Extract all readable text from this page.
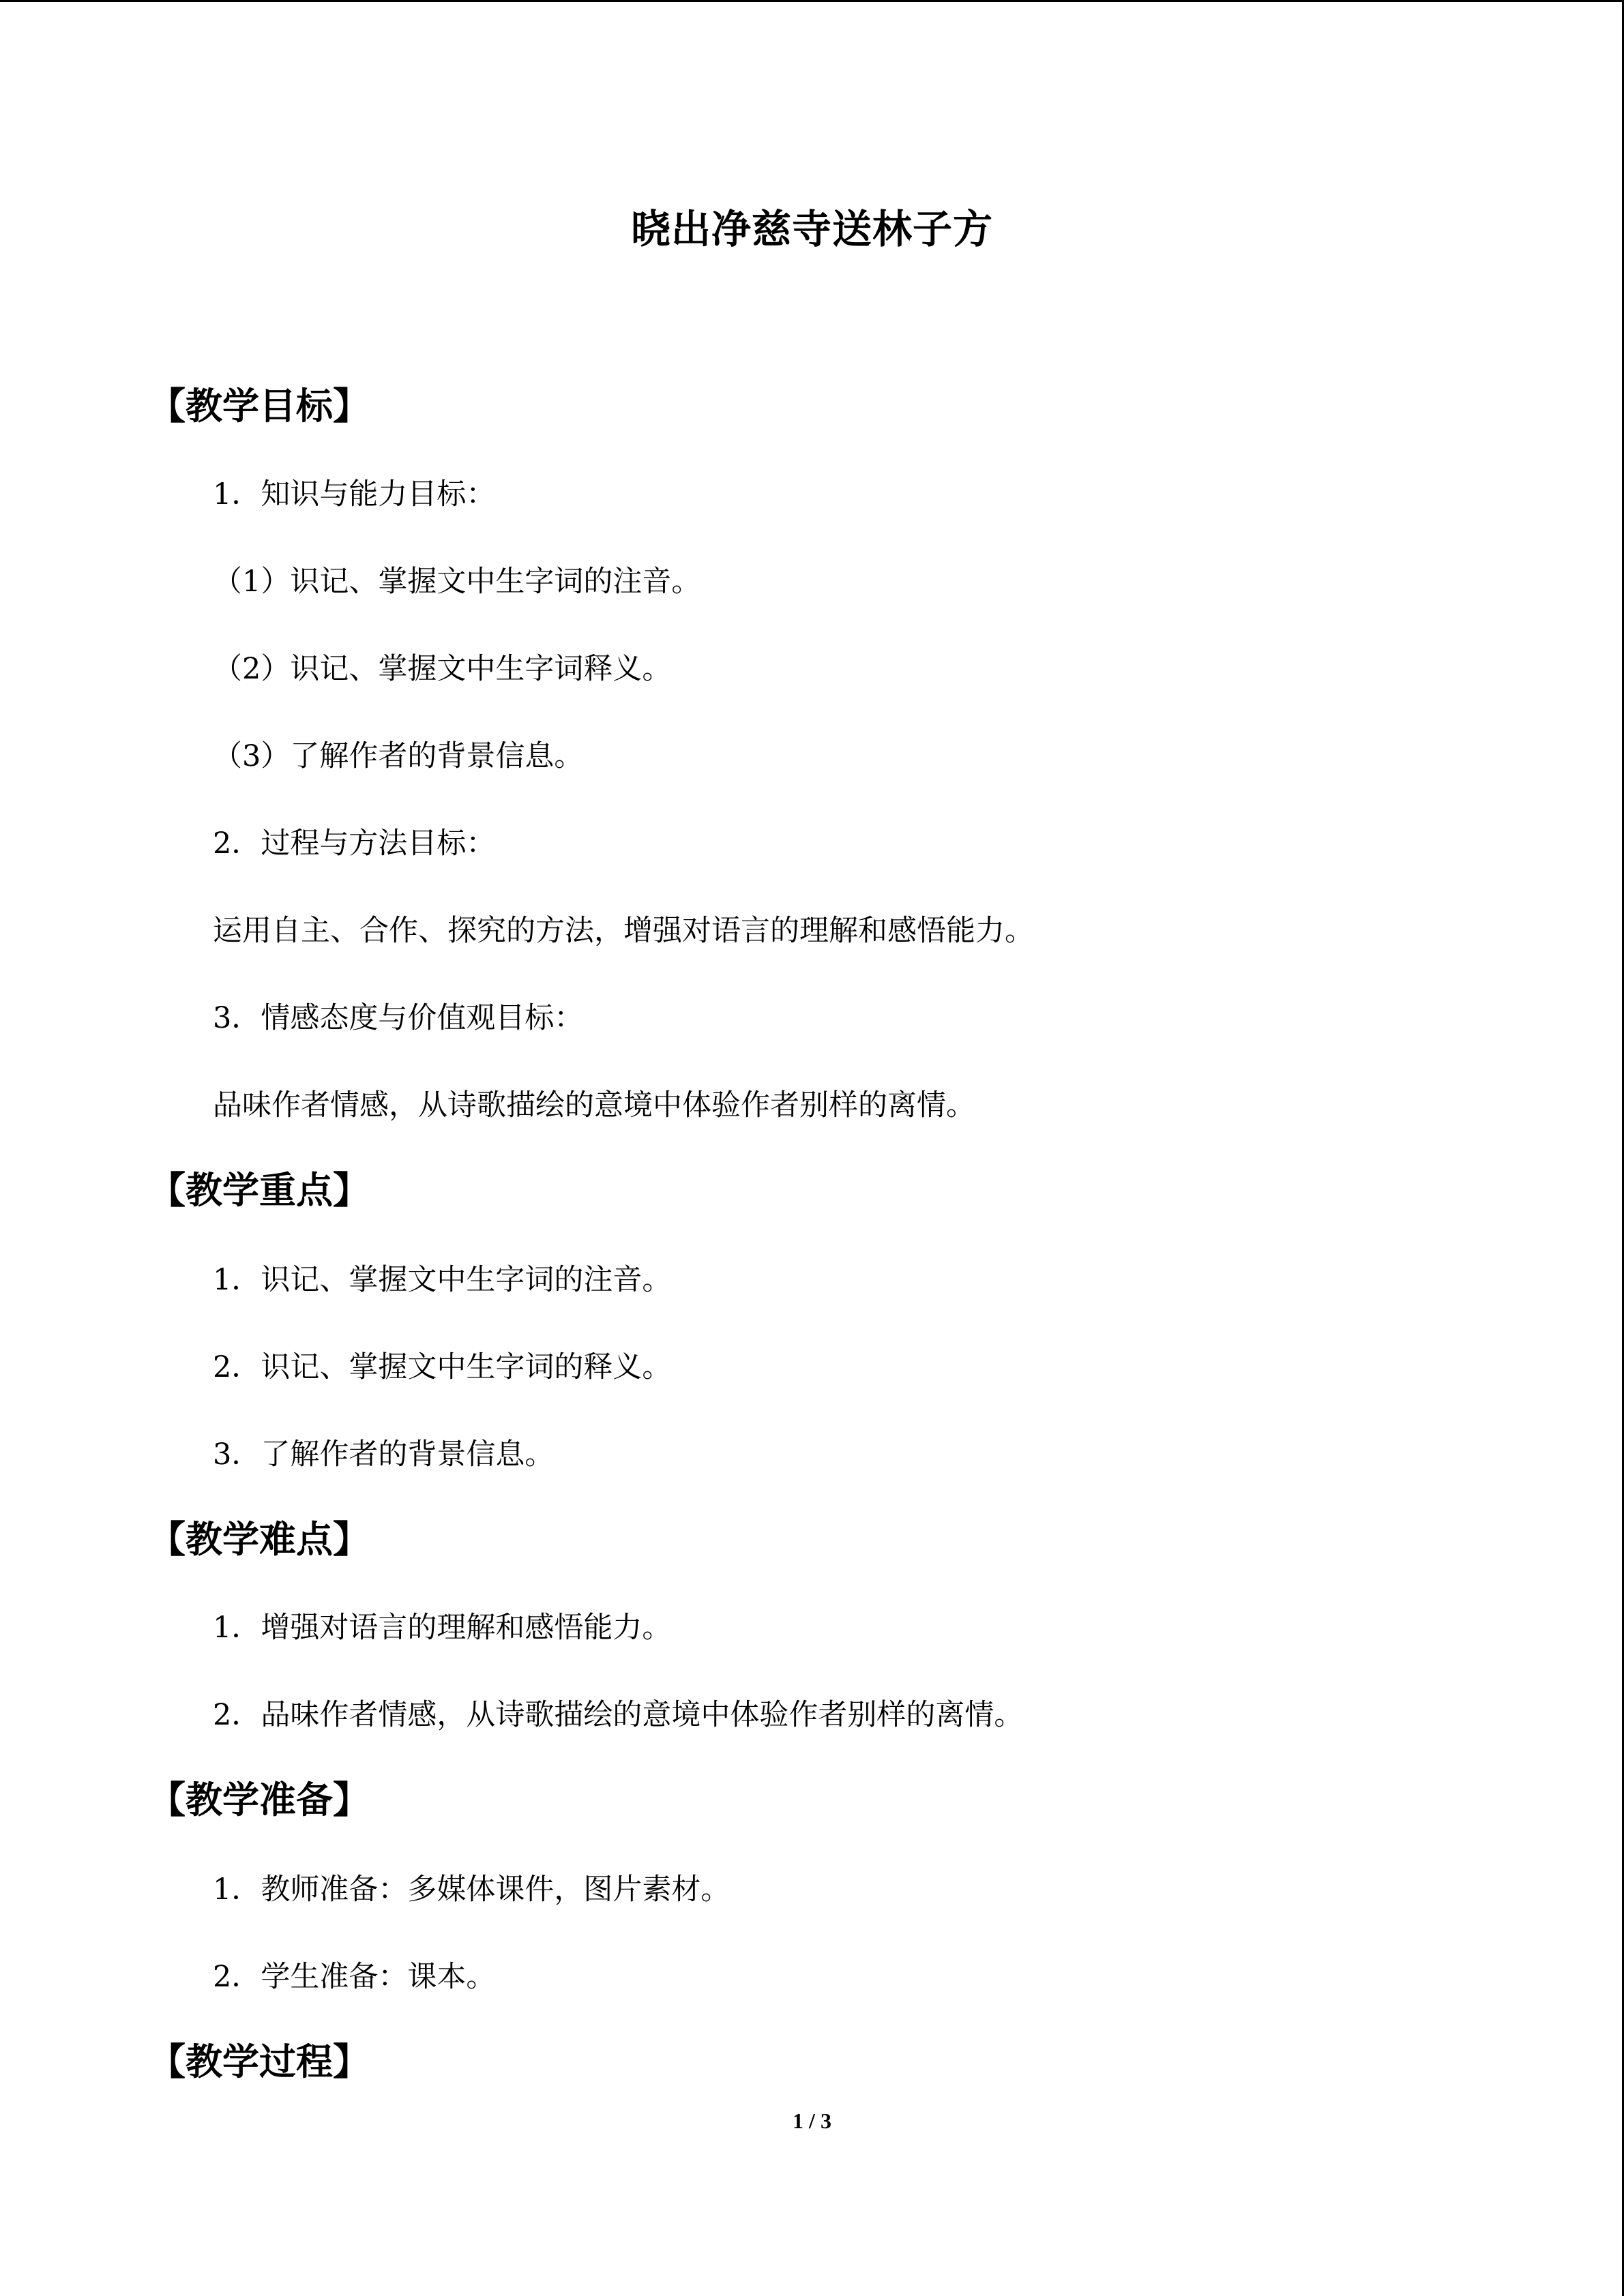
晓出净慈寺送林子方
【教学目标】
1．知识与能力目标：
（1）识记、掌握文中生字词的注音。
（2）识记、掌握文中生字词释义。
（3）了解作者的背景信息。
2．过程与方法目标：
运用自主、合作、探究的方法，增强对语言的理解和感悟能力。
3．情感态度与价值观目标：
品味作者情感，从诗歌描绘的意境中体验作者别样的离情。
【教学重点】
1．识记、掌握文中生字词的注音。
2．识记、掌握文中生字词的释义。
3．了解作者的背景信息。
【教学难点】
1．增强对语言的理解和感悟能力。
2．品味作者情感，从诗歌描绘的意境中体验作者别样的离情。
【教学准备】
1．教师准备：多媒体课件，图片素材。
2．学生准备：课本。
【教学过程】
1 / 3
